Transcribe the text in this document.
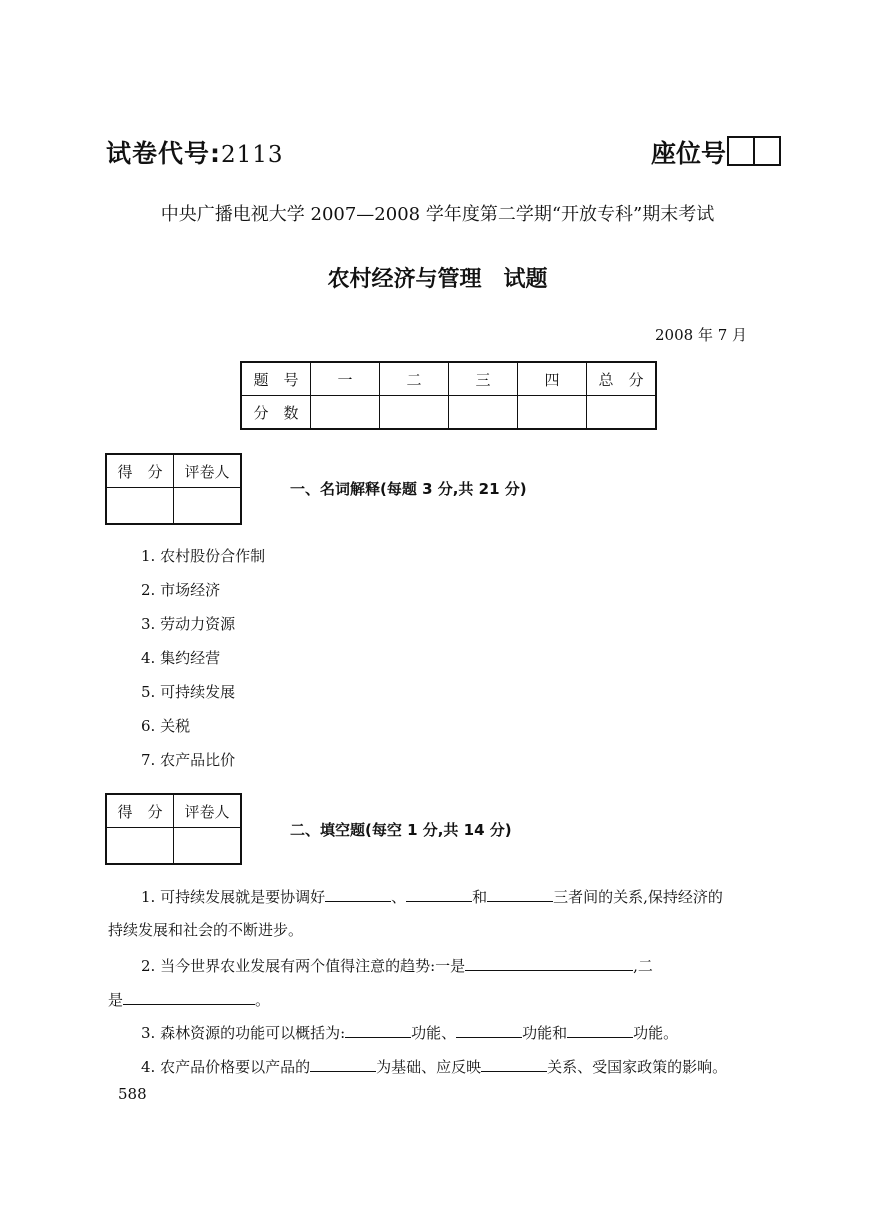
试卷代号:2113	座位号
中央广播电视大学 2007—2008 学年度第二学期“开放专科”期末考试
农村经济与管理　试题
2008 年 7 月
题　号	一	二	三	四	总　分
分　数					
得　分	评卷人

一、名词解释(每题 3 分,共 21 分)
1. 农村股份合作制
2. 市场经济
3. 劳动力资源
4. 集约经营
5. 可持续发展
6. 关税
7. 农产品比价
得　分	评卷人

二、填空题(每空 1 分,共 14 分)
1. 可持续发展就是要协调好	、	和	三者间的关系,保持经济的
持续发展和社会的不断进步。
2. 当今世界农业发展有两个值得注意的趋势:一是	,二
是	。
3. 森林资源的功能可以概括为:	功能、	功能和	功能。
4. 农产品价格要以产品的	为基础、应反映	关系、受国家政策的影响。
588
